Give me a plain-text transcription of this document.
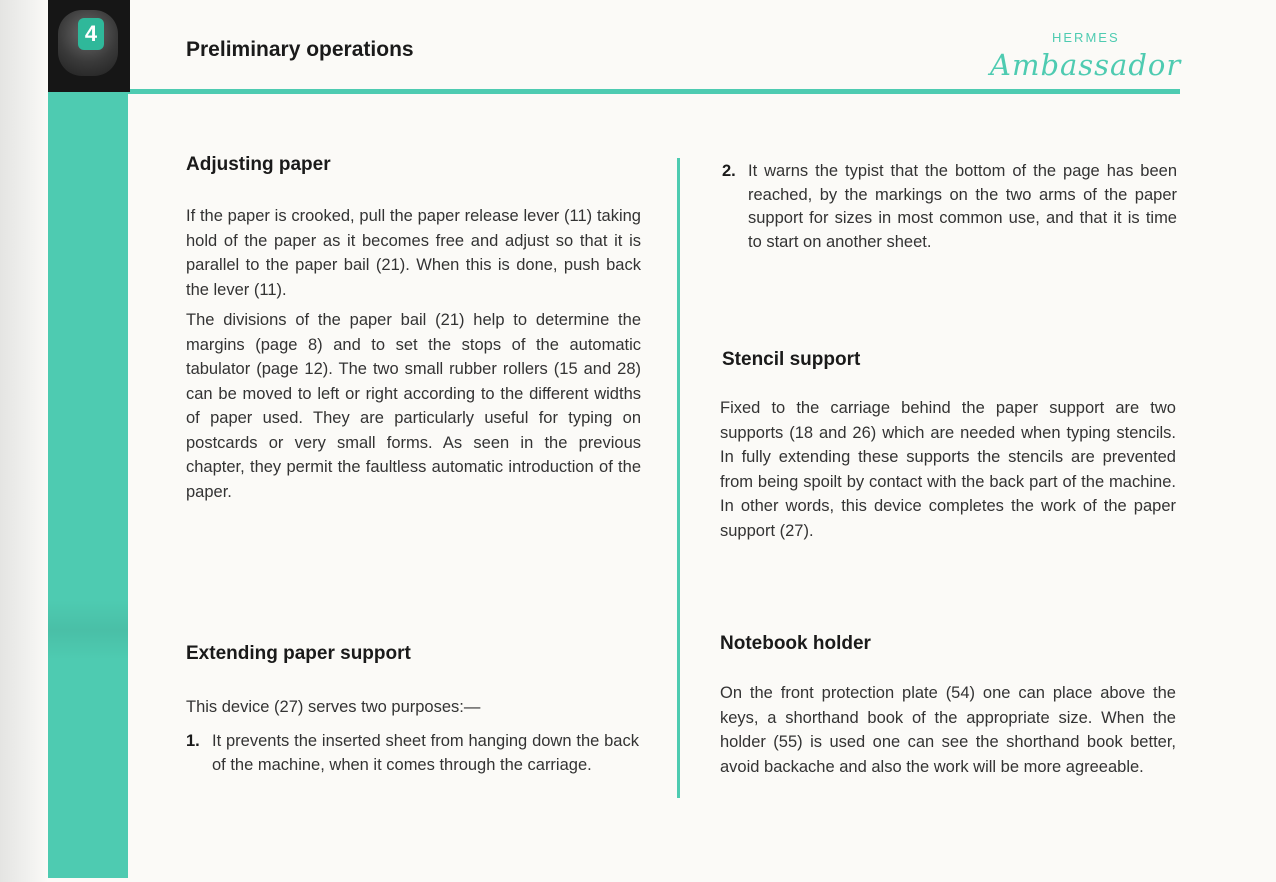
4
Preliminary operations
HERMES
Ambassador
Adjusting paper

If the paper is crooked, pull the paper release lever (11) taking hold of the paper as it becomes free and adjust so that it is parallel to the paper bail (21). When this is done, push back the lever (11).

The divisions of the paper bail (21) help to determine the margins (page 8) and to set the stops of the automatic tabulator (page 12). The two small rubber rollers (15 and 28) can be moved to left or right according to the different widths of paper used. They are particularly useful for typing on postcards or very small forms. As seen in the previous chapter, they permit the faultless automatic introduction of the paper.

Extending paper support

This device (27) serves two purposes:—

1. It prevents the inserted sheet from hanging down the back of the machine, when it comes through the carriage.

2. It warns the typist that the bottom of the page has been reached, by the markings on the two arms of the paper support for sizes in most common use, and that it is time to start on another sheet.

Stencil support

Fixed to the carriage behind the paper support are two supports (18 and 26) which are needed when typing stencils. In fully extending these supports the stencils are prevented from being spoilt by contact with the back part of the machine. In other words, this device completes the work of the paper support (27).

Notebook holder

On the front protection plate (54) one can place above the keys, a shorthand book of the appropriate size. When the holder (55) is used one can see the shorthand book better, avoid backache and also the work will be more agreeable.
